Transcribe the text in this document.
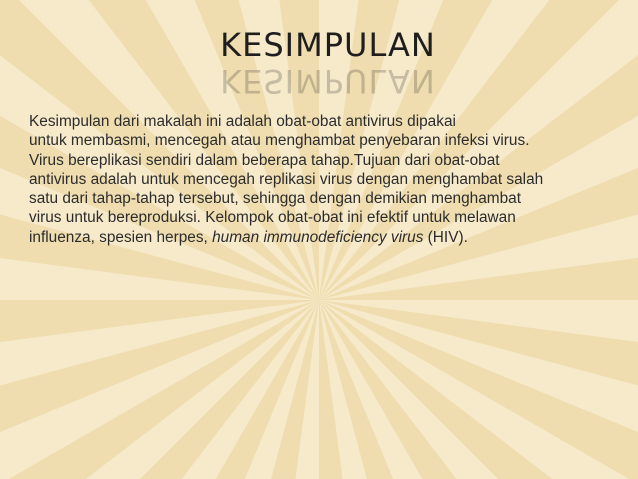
KESIMPULAN
KESIMPULAN

Kesimpulan dari makalah ini adalah obat-obat antivirus dipakai

untuk membasmi, mencegah atau menghambat penyebaran infeksi virus.

Virus bereplikasi sendiri dalam beberapa tahap.Tujuan dari obat-obat

antivirus adalah untuk mencegah replikasi virus dengan menghambat salah

satu dari tahap-tahap tersebut, sehingga dengan demikian menghambat

virus untuk bereproduksi. Kelompok obat-obat ini efektif untuk melawan

influenza, spesien herpes, human immunodeficiency virus (HIV).
